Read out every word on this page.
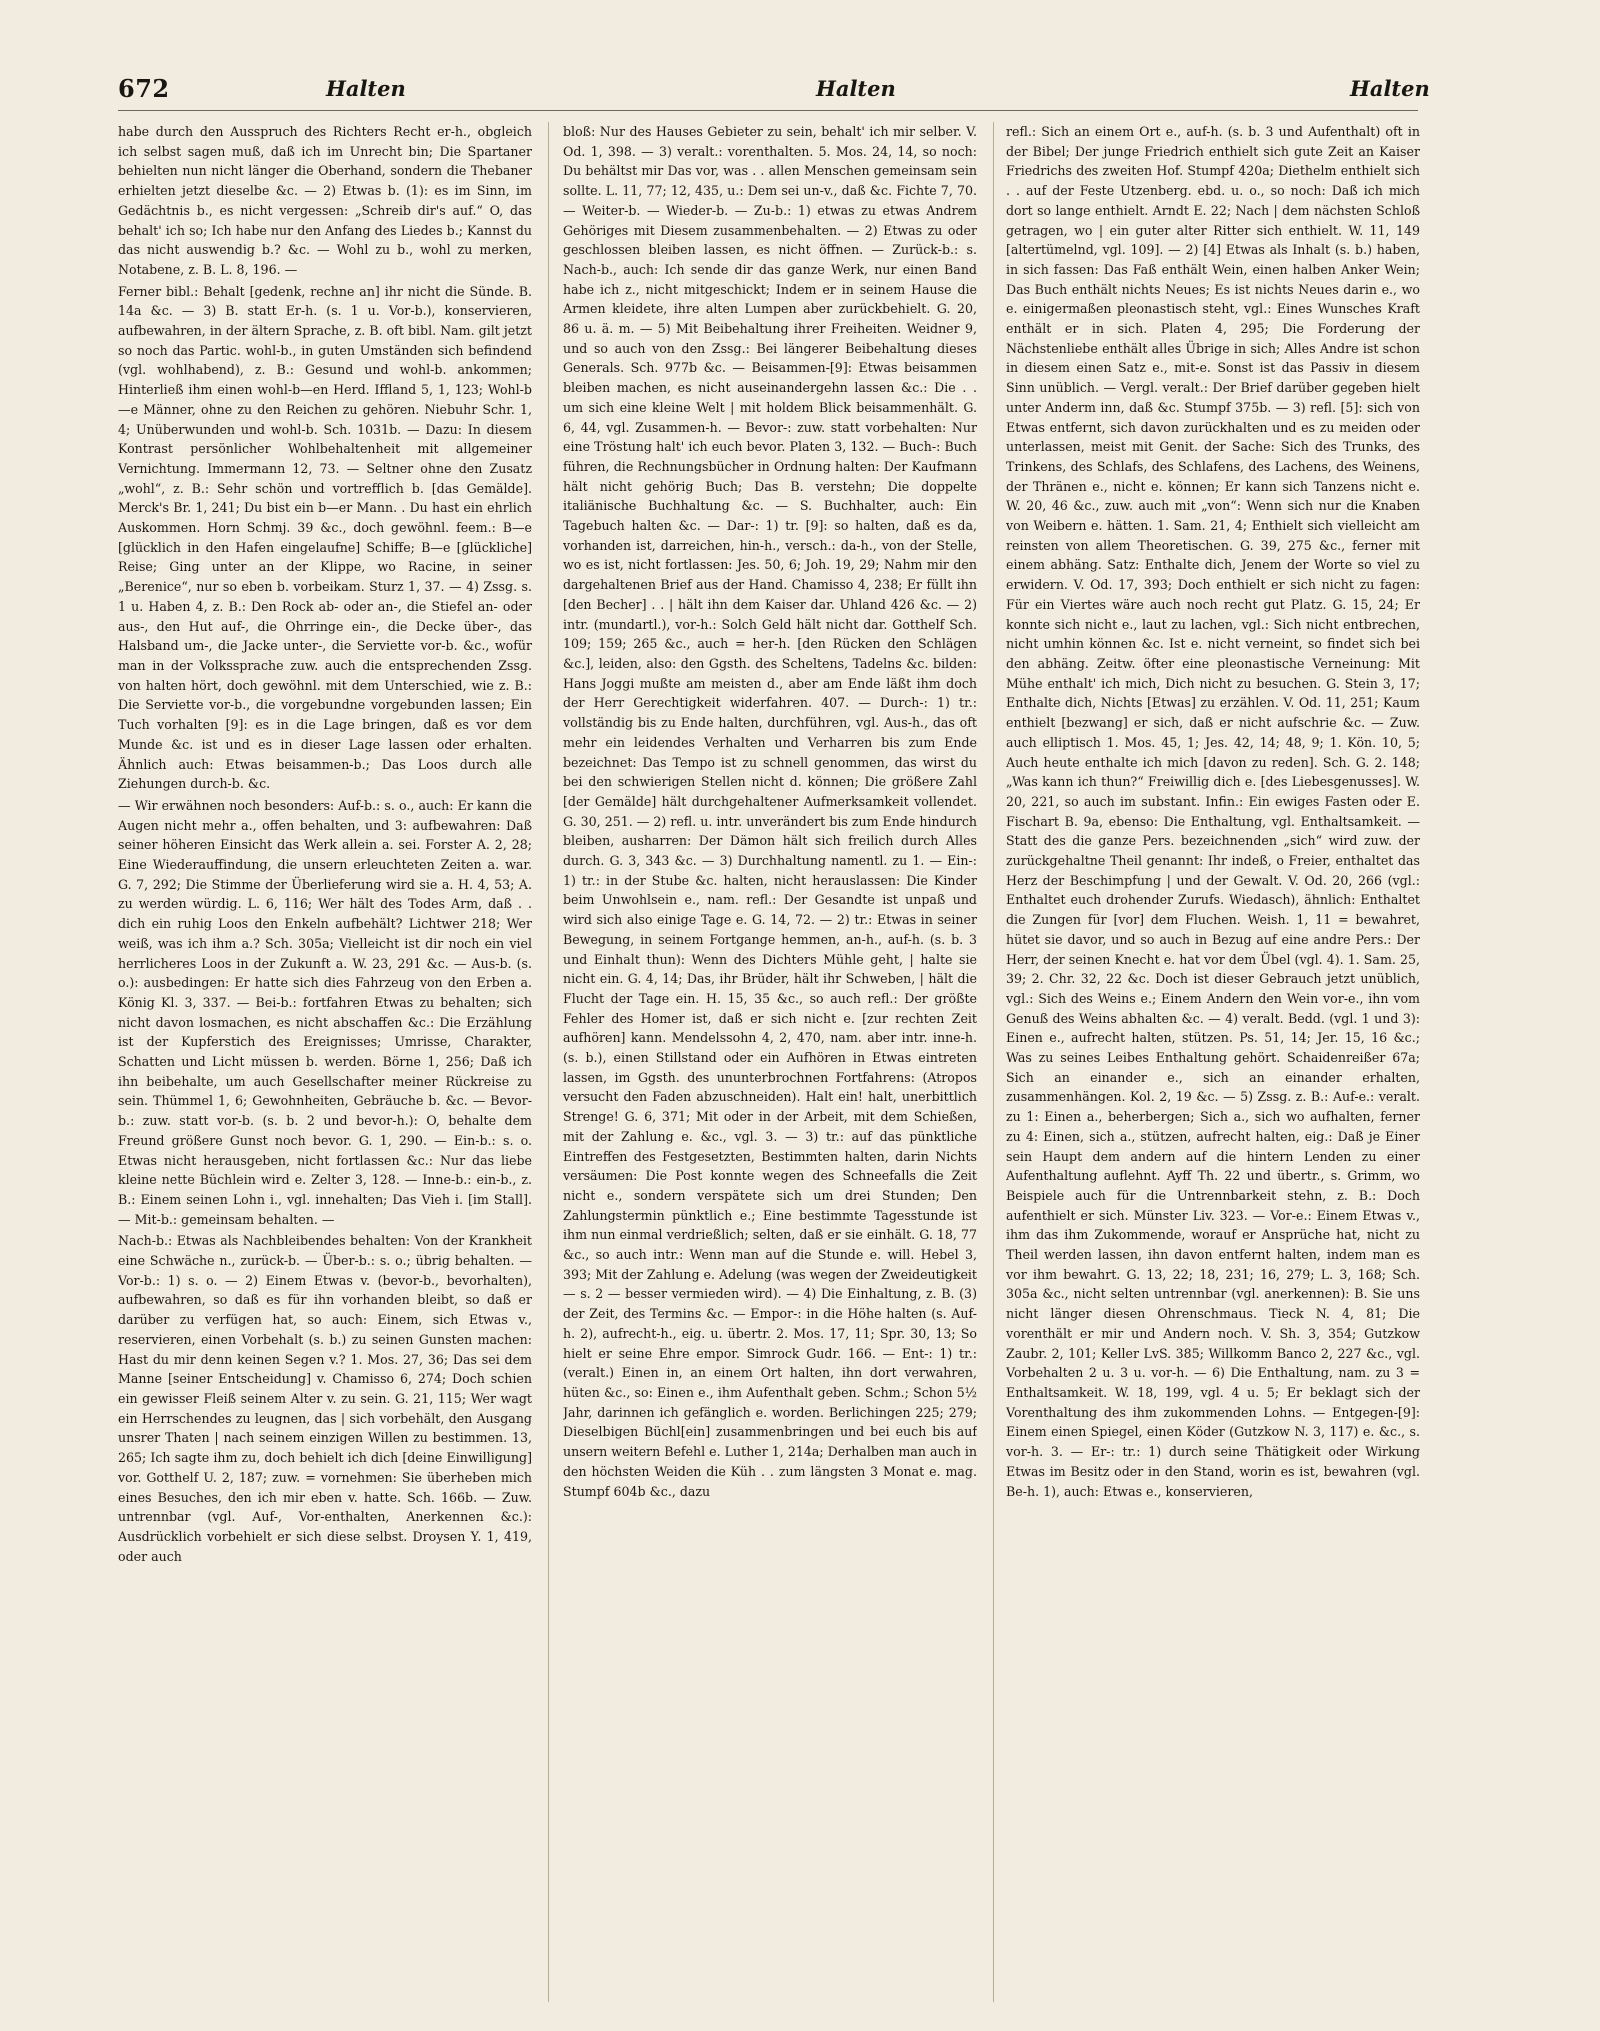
672	Halten	Halten	Halten

habe durch den Ausspruch des Richters Recht er-h., obgleich ich selbst sagen muß, daß ich im Unrecht bin; Die Spartaner behielten nun nicht länger die Oberhand, sondern die Thebaner erhielten jetzt dieselbe &c. — 2) Etwas b. (1): es im Sinn, im Gedächtnis b., es nicht vergessen: „Schreib dir's auf.“ O, das behalt' ich so; Ich habe nur den Anfang des Liedes b.; Kannst du das nicht auswendig b.? &c. — Wohl zu b., wohl zu merken, Notabene, z. B. L. 8, 196. —

Ferner bibl.: Behalt [gedenk, rechne an] ihr nicht die Sünde. B. 14a &c. — 3) B. statt Er-h. (s. 1 u. Vor-b.), konservieren, aufbewahren, in der ältern Sprache, z. B. oft bibl. Nam. gilt jetzt so noch das Partic. wohl-b., in guten Umständen sich befindend (vgl. wohlhabend), z. B.: Gesund und wohl-b. ankommen; Hinterließ ihm einen wohl-b—en Herd. Iffland 5, 1, 123; Wohl-b—e Männer, ohne zu den Reichen zu gehören. Niebuhr Schr. 1, 4; Unüberwunden und wohl-b. Sch. 1031b. — Dazu: In diesem Kontrast persönlicher Wohlbehaltenheit mit allgemeiner Vernichtung. Immermann 12, 73. — Seltner ohne den Zusatz „wohl“, z. B.: Sehr schön und vortrefflich b. [das Gemälde]. Merck's Br. 1, 241; Du bist ein b—er Mann. . Du hast ein ehrlich Auskommen. Horn Schmj. 39 &c., doch gewöhnl. feem.: B—e [glücklich in den Hafen eingelaufne] Schiffe; B—e [glückliche] Reise; Ging unter an der Klippe, wo Racine, in seiner „Berenice“, nur so eben b. vorbeikam. Sturz 1, 37. — 4) Zssg. s. 1 u. Haben 4, z. B.: Den Rock ab- oder an-, die Stiefel an- oder aus-, den Hut auf-, die Ohrringe ein-, die Decke über-, das Halsband um-, die Jacke unter-, die Serviette vor-b. &c., wofür man in der Volkssprache zuw. auch die entsprechenden Zssg. von halten hört, doch gewöhnl. mit dem Unterschied, wie z. B.: Die Serviette vor-b., die vorgebundne vorgebunden lassen; Ein Tuch vorhalten [9]: es in die Lage bringen, daß es vor dem Munde &c. ist und es in dieser Lage lassen oder erhalten. Ähnlich auch: Etwas beisammen-b.; Das Loos durch alle Ziehungen durch-b. &c.

— Wir erwähnen noch besonders: Auf-b.: s. o., auch: Er kann die Augen nicht mehr a., offen behalten, und 3: aufbewahren: Daß seiner höheren Einsicht das Werk allein a. sei. Forster A. 2, 28; Eine Wiederauffindung, die unsern erleuchteten Zeiten a. war. G. 7, 292; Die Stimme der Überlieferung wird sie a. H. 4, 53; A. zu werden würdig. L. 6, 116; Wer hält des Todes Arm, daß . . dich ein ruhig Loos den Enkeln aufbehält? Lichtwer 218; Wer weiß, was ich ihm a.? Sch. 305a; Vielleicht ist dir noch ein viel herrlicheres Loos in der Zukunft a. W. 23, 291 &c. — Aus-b. (s. o.): ausbedingen: Er hatte sich dies Fahrzeug von den Erben a. König Kl. 3, 337. — Bei-b.: fortfahren Etwas zu behalten; sich nicht davon losmachen, es nicht abschaffen &c.: Die Erzählung ist der Kupferstich des Ereignisses; Umrisse, Charakter, Schatten und Licht müssen b. werden. Börne 1, 256; Daß ich ihn beibehalte, um auch Gesellschafter meiner Rückreise zu sein. Thümmel 1, 6; Gewohnheiten, Gebräuche b. &c. — Bevor-b.: zuw. statt vor-b. (s. b. 2 und bevor-h.): O, behalte dem Freund größere Gunst noch bevor. G. 1, 290. — Ein-b.: s. o. Etwas nicht herausgeben, nicht fortlassen &c.: Nur das liebe kleine nette Büchlein wird e. Zelter 3, 128. — Inne-b.: ein-b., z. B.: Einem seinen Lohn i., vgl. innehalten; Das Vieh i. [im Stall]. — Mit-b.: gemeinsam behalten. —

Nach-b.: Etwas als Nachbleibendes behalten: Von der Krankheit eine Schwäche n., zurück-b. — Über-b.: s. o.; übrig behalten. — Vor-b.: 1) s. o. — 2) Einem Etwas v. (bevor-b., bevorhalten), aufbewahren, so daß es für ihn vorhanden bleibt, so daß er darüber zu verfügen hat, so auch: Einem, sich Etwas v., reservieren, einen Vorbehalt (s. b.) zu seinen Gunsten machen: Hast du mir denn keinen Segen v.? 1. Mos. 27, 36; Das sei dem Manne [seiner Entscheidung] v. Chamisso 6, 274; Doch schien ein gewisser Fleiß seinem Alter v. zu sein. G. 21, 115; Wer wagt ein Herrschendes zu leugnen, das | sich vorbehält, den Ausgang unsrer Thaten | nach seinem einzigen Willen zu bestimmen. 13, 265; Ich sagte ihm zu, doch behielt ich dich [deine Einwilligung] vor. Gotthelf U. 2, 187; zuw. = vornehmen: Sie überheben mich eines Besuches, den ich mir eben v. hatte. Sch. 166b. — Zuw. untrennbar (vgl. Auf-, Vor-enthalten, Anerkennen &c.): Ausdrücklich vorbehielt er sich diese selbst. Droysen Y. 1, 419, oder auch

bloß: Nur des Hauses Gebieter zu sein, behalt' ich mir selber. V. Od. 1, 398. — 3) veralt.: vorenthalten. 5. Mos. 24, 14, so noch: Du behältst mir Das vor, was . . allen Menschen gemeinsam sein sollte. L. 11, 77; 12, 435, u.: Dem sei un-v., daß &c. Fichte 7, 70. — Weiter-b. — Wieder-b. — Zu-b.: 1) etwas zu etwas Andrem Gehöriges mit Diesem zusammenbehalten. — 2) Etwas zu oder geschlossen bleiben lassen, es nicht öffnen. — Zurück-b.: s. Nach-b., auch: Ich sende dir das ganze Werk, nur einen Band habe ich z., nicht mitgeschickt; Indem er in seinem Hause die Armen kleidete, ihre alten Lumpen aber zurückbehielt. G. 20, 86 u. ä. m. — 5) Mit Beibehaltung ihrer Freiheiten. Weidner 9, und so auch von den Zssg.: Bei längerer Beibehaltung dieses Generals. Sch. 977b &c. — Beisammen-[9]: Etwas beisammen bleiben machen, es nicht auseinandergehn lassen &c.: Die . . um sich eine kleine Welt | mit holdem Blick beisammenhält. G. 6, 44, vgl. Zusammen-h. — Bevor-: zuw. statt vorbehalten: Nur eine Tröstung halt' ich euch bevor. Platen 3, 132. — Buch-: Buch führen, die Rechnungsbücher in Ordnung halten: Der Kaufmann hält nicht gehörig Buch; Das B. verstehn; Die doppelte italiänische Buchhaltung &c. — S. Buchhalter, auch: Ein Tagebuch halten &c. — Dar-: 1) tr. [9]: so halten, daß es da, vorhanden ist, darreichen, hin-h., versch.: da-h., von der Stelle, wo es ist, nicht fortlassen: Jes. 50, 6; Joh. 19, 29; Nahm mir den dargehaltenen Brief aus der Hand. Chamisso 4, 238; Er füllt ihn [den Becher] . . | hält ihn dem Kaiser dar. Uhland 426 &c. — 2) intr. (mundartl.), vor-h.: Solch Geld hält nicht dar. Gotthelf Sch. 109; 159; 265 &c., auch = her-h. [den Rücken den Schlägen &c.], leiden, also: den Ggsth. des Scheltens, Tadelns &c. bilden: Hans Joggi mußte am meisten d., aber am Ende läßt ihm doch der Herr Gerechtigkeit widerfahren. 407. — Durch-: 1) tr.: vollständig bis zu Ende halten, durchführen, vgl. Aus-h., das oft mehr ein leidendes Verhalten und Verharren bis zum Ende bezeichnet: Das Tempo ist zu schnell genommen, das wirst du bei den schwierigen Stellen nicht d. können; Die größere Zahl [der Gemälde] hält durchgehaltener Aufmerksamkeit vollendet. G. 30, 251. — 2) refl. u. intr. unverändert bis zum Ende hindurch bleiben, ausharren: Der Dämon hält sich freilich durch Alles durch. G. 3, 343 &c. — 3) Durchhaltung namentl. zu 1. — Ein-: 1) tr.: in der Stube &c. halten, nicht herauslassen: Die Kinder beim Unwohlsein e., nam. refl.: Der Gesandte ist unpaß und wird sich also einige Tage e. G. 14, 72. — 2) tr.: Etwas in seiner Bewegung, in seinem Fortgange hemmen, an-h., auf-h. (s. b. 3 und Einhalt thun): Wenn des Dichters Mühle geht, | halte sie nicht ein. G. 4, 14; Das, ihr Brüder, hält ihr Schweben, | hält die Flucht der Tage ein. H. 15, 35 &c., so auch refl.: Der größte Fehler des Homer ist, daß er sich nicht e. [zur rechten Zeit aufhören] kann. Mendelssohn 4, 2, 470, nam. aber intr. inne-h. (s. b.), einen Stillstand oder ein Aufhören in Etwas eintreten lassen, im Ggsth. des ununterbrochnen Fortfahrens: (Atropos versucht den Faden abzuschneiden). Halt ein! halt, unerbittlich Strenge! G. 6, 371; Mit oder in der Arbeit, mit dem Schießen, mit der Zahlung e. &c., vgl. 3. — 3) tr.: auf das pünktliche Eintreffen des Festgesetzten, Bestimmten halten, darin Nichts versäumen: Die Post konnte wegen des Schneefalls die Zeit nicht e., sondern verspätete sich um drei Stunden; Den Zahlungstermin pünktlich e.; Eine bestimmte Tagesstunde ist ihm nun einmal verdrießlich; selten, daß er sie einhält. G. 18, 77 &c., so auch intr.: Wenn man auf die Stunde e. will. Hebel 3, 393; Mit der Zahlung e. Adelung (was wegen der Zweideutigkeit — s. 2 — besser vermieden wird). — 4) Die Einhaltung, z. B. (3) der Zeit, des Termins &c. — Empor-: in die Höhe halten (s. Auf-h. 2), aufrecht-h., eig. u. übertr. 2. Mos. 17, 11; Spr. 30, 13; So hielt er seine Ehre empor. Simrock Gudr. 166. — Ent-: 1) tr.: (veralt.) Einen in, an einem Ort halten, ihn dort verwahren, hüten &c., so: Einen e., ihm Aufenthalt geben. Schm.; Schon 5½ Jahr, darinnen ich gefänglich e. worden. Berlichingen 225; 279; Dieselbigen Büchl[ein] zusammenbringen und bei euch bis auf unsern weitern Befehl e. Luther 1, 214a; Derhalben man auch in den höchsten Weiden die Küh . . zum längsten 3 Monat e. mag. Stumpf 604b &c., dazu

refl.: Sich an einem Ort e., auf-h. (s. b. 3 und Aufenthalt) oft in der Bibel; Der junge Friedrich enthielt sich gute Zeit an Kaiser Friedrichs des zweiten Hof. Stumpf 420a; Diethelm enthielt sich . . auf der Feste Utzenberg. ebd. u. o., so noch: Daß ich mich dort so lange enthielt. Arndt E. 22; Nach | dem nächsten Schloß getragen, wo | ein guter alter Ritter sich enthielt. W. 11, 149 [altertümelnd, vgl. 109]. — 2) [4] Etwas als Inhalt (s. b.) haben, in sich fassen: Das Faß enthält Wein, einen halben Anker Wein; Das Buch enthält nichts Neues; Es ist nichts Neues darin e., wo e. einigermaßen pleonastisch steht, vgl.: Eines Wunsches Kraft enthält er in sich. Platen 4, 295; Die Forderung der Nächstenliebe enthält alles Übrige in sich; Alles Andre ist schon in diesem einen Satz e., mit-e. Sonst ist das Passiv in diesem Sinn unüblich. — Vergl. veralt.: Der Brief darüber gegeben hielt unter Anderm inn, daß &c. Stumpf 375b. — 3) refl. [5]: sich von Etwas entfernt, sich davon zurückhalten und es zu meiden oder unterlassen, meist mit Genit. der Sache: Sich des Trunks, des Trinkens, des Schlafs, des Schlafens, des Lachens, des Weinens, der Thränen e., nicht e. können; Er kann sich Tanzens nicht e. W. 20, 46 &c., zuw. auch mit „von“: Wenn sich nur die Knaben von Weibern e. hätten. 1. Sam. 21, 4; Enthielt sich vielleicht am reinsten von allem Theoretischen. G. 39, 275 &c., ferner mit einem abhäng. Satz: Enthalte dich, Jenem der Worte so viel zu erwidern. V. Od. 17, 393; Doch enthielt er sich nicht zu fagen: Für ein Viertes wäre auch noch recht gut Platz. G. 15, 24; Er konnte sich nicht e., laut zu lachen, vgl.: Sich nicht entbrechen, nicht umhin können &c. Ist e. nicht verneint, so findet sich bei den abhäng. Zeitw. öfter eine pleonastische Verneinung: Mit Mühe enthalt' ich mich, Dich nicht zu besuchen. G. Stein 3, 17; Enthalte dich, Nichts [Etwas] zu erzählen. V. Od. 11, 251; Kaum enthielt [bezwang] er sich, daß er nicht aufschrie &c. — Zuw. auch elliptisch 1. Mos. 45, 1; Jes. 42, 14; 48, 9; 1. Kön. 10, 5; Auch heute enthalte ich mich [davon zu reden]. Sch. G. 2. 148; „Was kann ich thun?“ Freiwillig dich e. [des Liebesgenusses]. W. 20, 221, so auch im substant. Infin.: Ein ewiges Fasten oder E. Fischart B. 9a, ebenso: Die Enthaltung, vgl. Enthaltsamkeit. — Statt des die ganze Pers. bezeichnenden „sich“ wird zuw. der zurückgehaltne Theil genannt: Ihr indeß, o Freier, enthaltet das Herz der Beschimpfung | und der Gewalt. V. Od. 20, 266 (vgl.: Enthaltet euch drohender Zurufs. Wiedasch), ähnlich: Enthaltet die Zungen für [vor] dem Fluchen. Weish. 1, 11 = bewahret, hütet sie davor, und so auch in Bezug auf eine andre Pers.: Der Herr, der seinen Knecht e. hat vor dem Übel (vgl. 4). 1. Sam. 25, 39; 2. Chr. 32, 22 &c. Doch ist dieser Gebrauch jetzt unüblich, vgl.: Sich des Weins e.; Einem Andern den Wein vor-e., ihn vom Genuß des Weins abhalten &c. — 4) veralt. Bedd. (vgl. 1 und 3): Einen e., aufrecht halten, stützen. Ps. 51, 14; Jer. 15, 16 &c.; Was zu seines Leibes Enthaltung gehört. Schaidenreißer 67a; Sich an einander e., sich an einander erhalten, zusammenhängen. Kol. 2, 19 &c. — 5) Zssg. z. B.: Auf-e.: veralt. zu 1: Einen a., beherbergen; Sich a., sich wo aufhalten, ferner zu 4: Einen, sich a., stützen, aufrecht halten, eig.: Daß je Einer sein Haupt dem andern auf die hintern Lenden zu einer Aufenthaltung auflehnt. Ayff Th. 22 und übertr., s. Grimm, wo Beispiele auch für die Untrennbarkeit stehn, z. B.: Doch aufenthielt er sich. Münster Liv. 323. — Vor-e.: Einem Etwas v., ihm das ihm Zukommende, worauf er Ansprüche hat, nicht zu Theil werden lassen, ihn davon entfernt halten, indem man es vor ihm bewahrt. G. 13, 22; 18, 231; 16, 279; L. 3, 168; Sch. 305a &c., nicht selten untrennbar (vgl. anerkennen): B. Sie uns nicht länger diesen Ohrenschmaus. Tieck N. 4, 81; Die vorenthält er mir und Andern noch. V. Sh. 3, 354; Gutzkow Zaubr. 2, 101; Keller LvS. 385; Willkomm Banco 2, 227 &c., vgl. Vorbehalten 2 u. 3 u. vor-h. — 6) Die Enthaltung, nam. zu 3 = Enthaltsamkeit. W. 18, 199, vgl. 4 u. 5; Er beklagt sich der Vorenthaltung des ihm zukommenden Lohns. — Entgegen-[9]: Einem einen Spiegel, einen Köder (Gutzkow N. 3, 117) e. &c., s. vor-h. 3. — Er-: tr.: 1) durch seine Thätigkeit oder Wirkung Etwas im Besitz oder in den Stand, worin es ist, bewahren (vgl. Be-h. 1), auch: Etwas e., konservieren,
